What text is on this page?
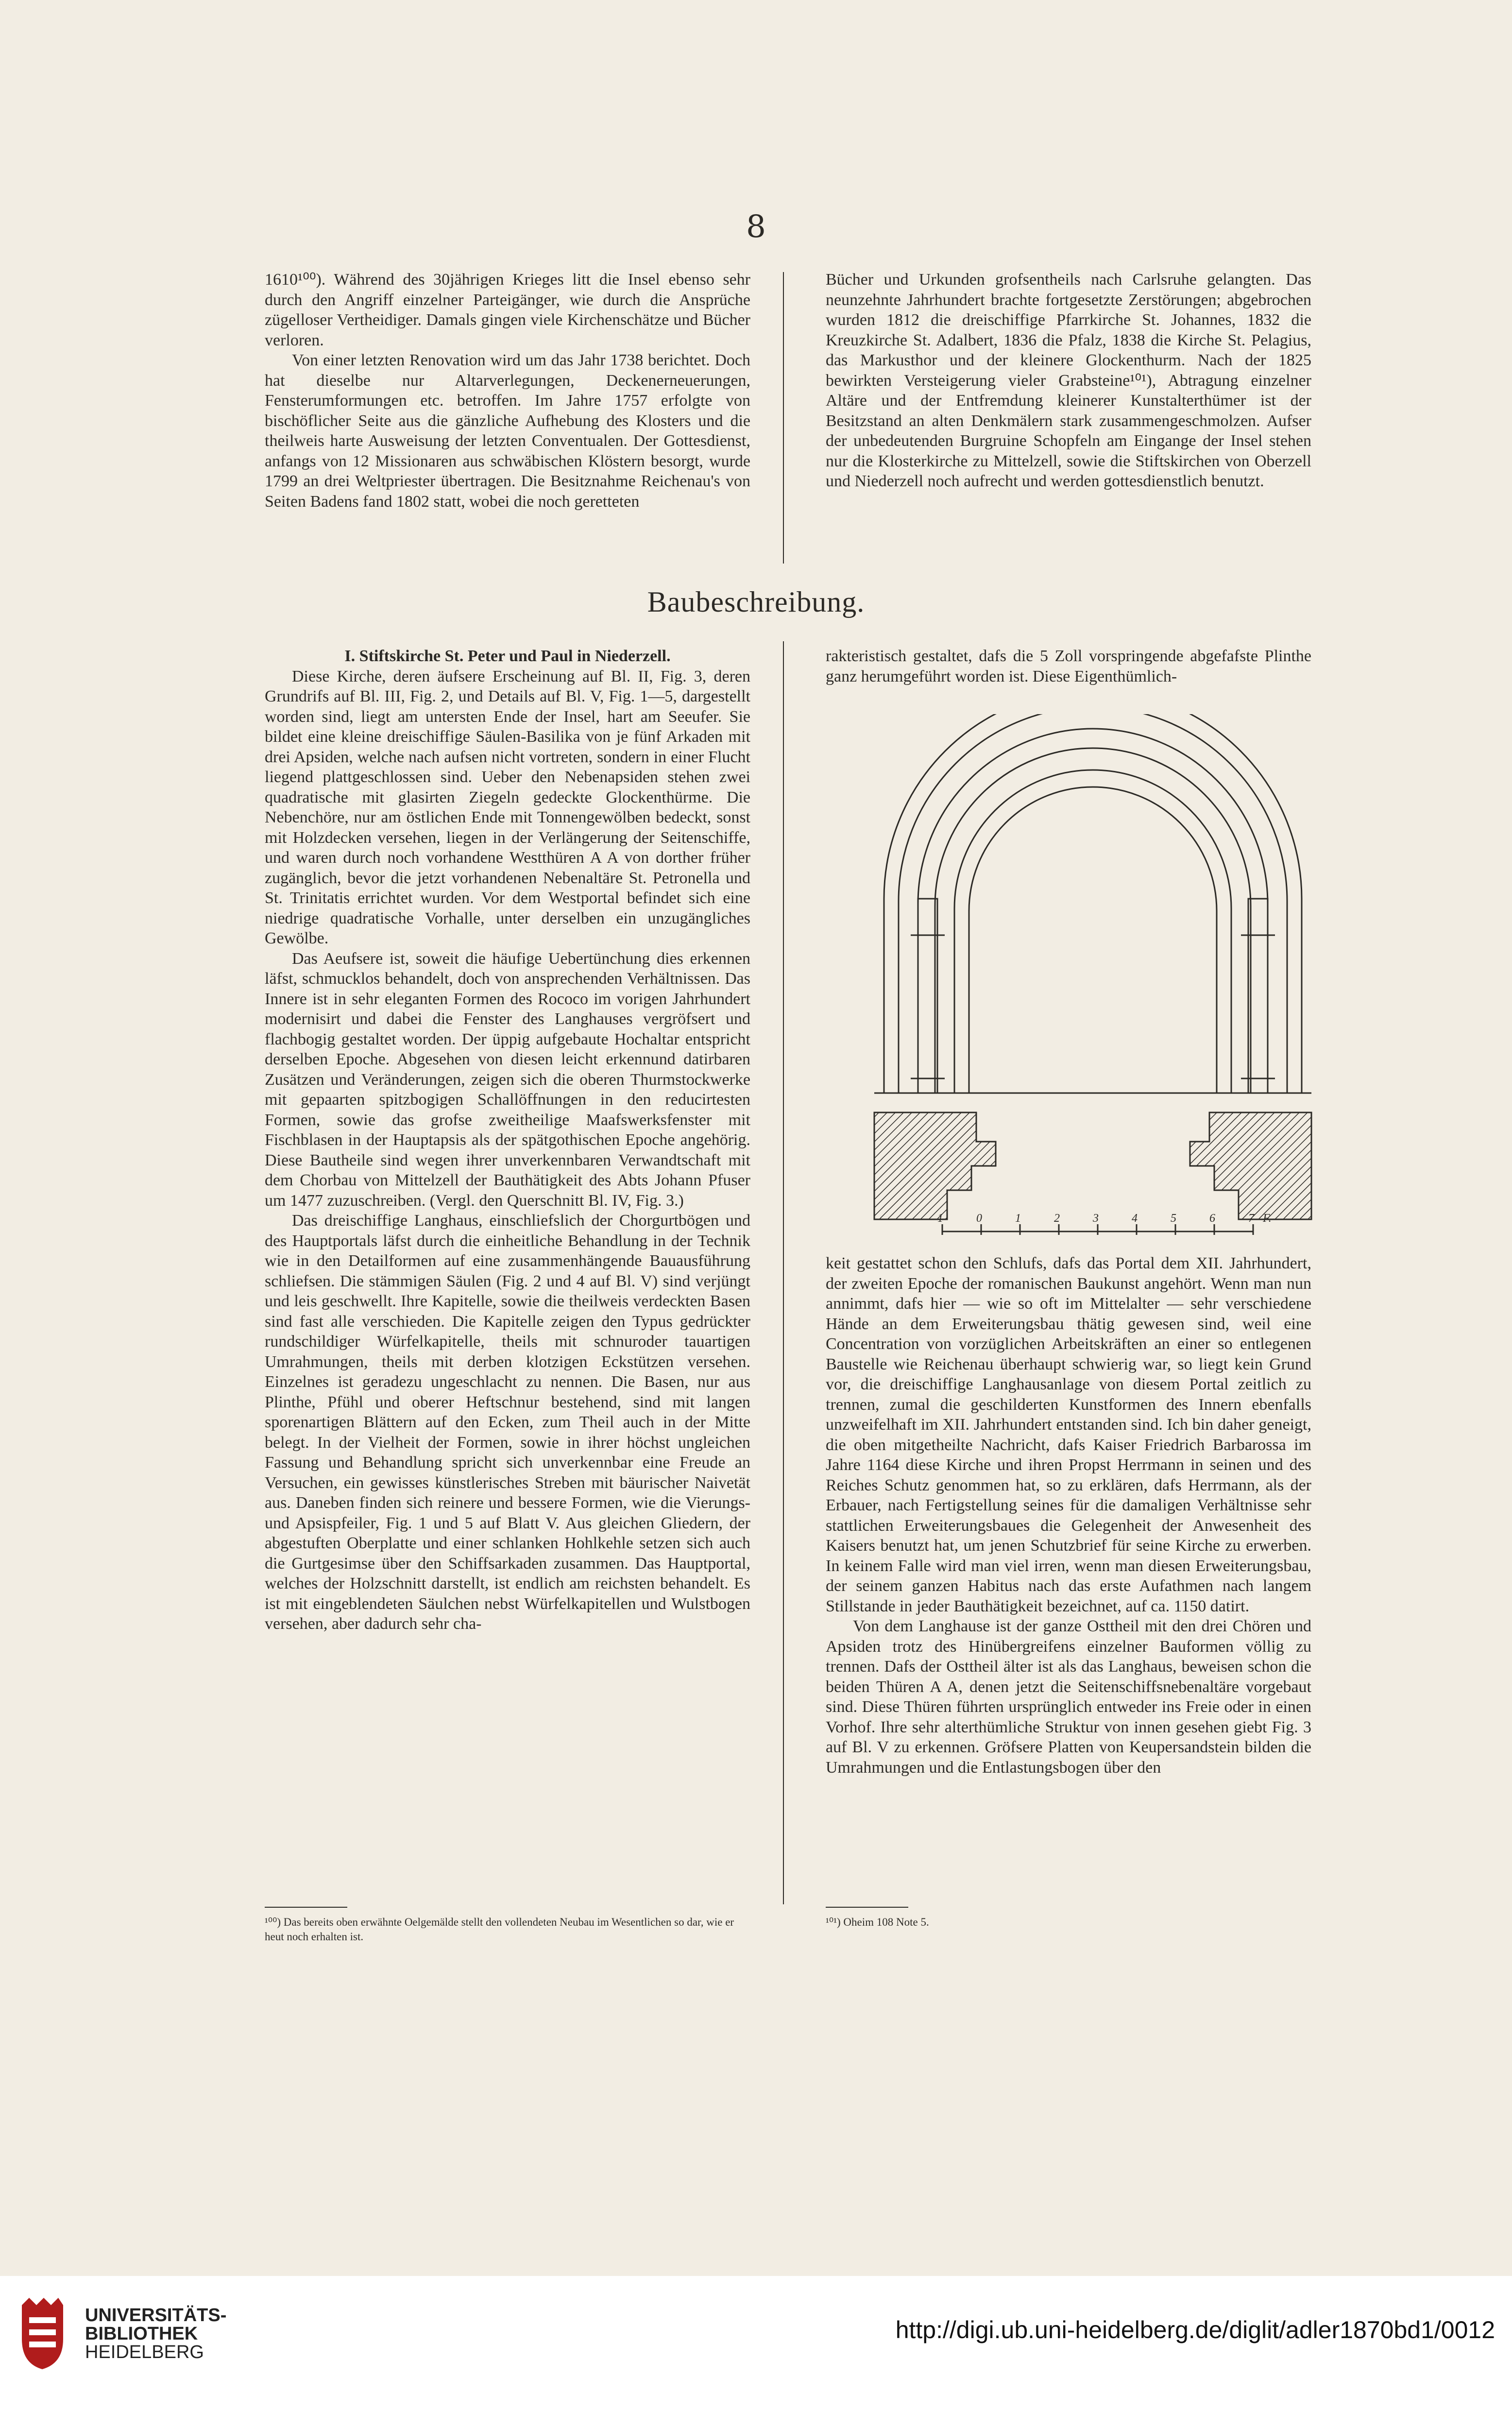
8

1610¹⁰⁰). Während des 30jährigen Krieges litt die Insel ebenso sehr durch den Angriff einzelner Parteigänger, wie durch die Ansprüche zügelloser Vertheidiger. Damals gingen viele Kirchenschätze und Bücher verloren.

Von einer letzten Renovation wird um das Jahr 1738 berichtet. Doch hat dieselbe nur Altarverlegungen, Deckenerneuerungen, Fensterumformungen etc. betroffen. Im Jahre 1757 erfolgte von bischöflicher Seite aus die gänzliche Aufhebung des Klosters und die theilweis harte Ausweisung der letzten Conventualen. Der Gottesdienst, anfangs von 12 Missionaren aus schwäbischen Klöstern besorgt, wurde 1799 an drei Weltpriester übertragen. Die Besitznahme Reichenau's von Seiten Badens fand 1802 statt, wobei die noch geretteten

Bücher und Urkunden grofsentheils nach Carlsruhe gelangten. Das neunzehnte Jahrhundert brachte fortgesetzte Zerstörungen; abgebrochen wurden 1812 die dreischiffige Pfarrkirche St. Johannes, 1832 die Kreuzkirche St. Adalbert, 1836 die Pfalz, 1838 die Kirche St. Pelagius, das Markusthor und der kleinere Glockenthurm. Nach der 1825 bewirkten Versteigerung vieler Grabsteine¹⁰¹), Abtragung einzelner Altäre und der Entfremdung kleinerer Kunstalterthümer ist der Besitzstand an alten Denkmälern stark zusammengeschmolzen. Aufser der unbedeutenden Burgruine Schopfeln am Eingange der Insel stehen nur die Klosterkirche zu Mittelzell, sowie die Stiftskirchen von Oberzell und Niederzell noch aufrecht und werden gottesdienstlich benutzt.

Baubeschreibung.

I. Stiftskirche St. Peter und Paul in Niederzell.

Diese Kirche, deren äufsere Erscheinung auf Bl. II, Fig. 3, deren Grundrifs auf Bl. III, Fig. 2, und Details auf Bl. V, Fig. 1—5, dargestellt worden sind, liegt am untersten Ende der Insel, hart am Seeufer. Sie bildet eine kleine dreischiffige Säulen-Basilika von je fünf Arkaden mit drei Apsiden, welche nach aufsen nicht vortreten, sondern in einer Flucht liegend plattgeschlossen sind. Ueber den Nebenapsiden stehen zwei quadratische mit glasirten Ziegeln gedeckte Glockenthürme. Die Nebenchöre, nur am östlichen Ende mit Tonnengewölben bedeckt, sonst mit Holzdecken versehen, liegen in der Verlängerung der Seitenschiffe, und waren durch noch vorhandene Westthüren A A von dorther früher zugänglich, bevor die jetzt vorhandenen Nebenaltäre St. Petronella und St. Trinitatis errichtet wurden. Vor dem Westportal befindet sich eine niedrige quadratische Vorhalle, unter derselben ein unzugängliches Gewölbe.

Das Aeufsere ist, soweit die häufige Uebertünchung dies erkennen läfst, schmucklos behandelt, doch von ansprechenden Verhältnissen. Das Innere ist in sehr eleganten Formen des Rococo im vorigen Jahrhundert modernisirt und dabei die Fenster des Langhauses vergröfsert und flachbogig gestaltet worden. Der üppig aufgebaute Hochaltar entspricht derselben Epoche. Abgesehen von diesen leicht erkennund datirbaren Zusätzen und Veränderungen, zeigen sich die oberen Thurmstockwerke mit gepaarten spitzbogigen Schallöffnungen in den reducirtesten Formen, sowie das grofse zweitheilige Maafswerksfenster mit Fischblasen in der Hauptapsis als der spätgothischen Epoche angehörig. Diese Bautheile sind wegen ihrer unverkennbaren Verwandtschaft mit dem Chorbau von Mittelzell der Bauthätigkeit des Abts Johann Pfuser um 1477 zuzuschreiben. (Vergl. den Querschnitt Bl. IV, Fig. 3.)

Das dreischiffige Langhaus, einschliefslich der Chorgurtbögen und des Hauptportals läfst durch die einheitliche Behandlung in der Technik wie in den Detailformen auf eine zusammenhängende Bauausführung schliefsen. Die stämmigen Säulen (Fig. 2 und 4 auf Bl. V) sind verjüngt und leis geschwellt. Ihre Kapitelle, sowie die theilweis verdeckten Basen sind fast alle verschieden. Die Kapitelle zeigen den Typus gedrückter rundschildiger Würfelkapitelle, theils mit schnuroder tauartigen Umrahmungen, theils mit derben klotzigen Eckstützen versehen. Einzelnes ist geradezu ungeschlacht zu nennen. Die Basen, nur aus Plinthe, Pfühl und oberer Heftschnur bestehend, sind mit langen sporenartigen Blättern auf den Ecken, zum Theil auch in der Mitte belegt. In der Vielheit der Formen, sowie in ihrer höchst ungleichen Fassung und Behandlung spricht sich unverkennbar eine Freude an Versuchen, ein gewisses künstlerisches Streben mit bäurischer Naivetät aus. Daneben finden sich reinere und bessere Formen, wie die Vierungs- und Apsispfeiler, Fig. 1 und 5 auf Blatt V. Aus gleichen Gliedern, der abgestuften Oberplatte und einer schlanken Hohlkehle setzen sich auch die Gurtgesimse über den Schiffsarkaden zusammen. Das Hauptportal, welches der Holzschnitt darstellt, ist endlich am reichsten behandelt. Es ist mit eingeblendeten Säulchen nebst Würfelkapitellen und Wulstbogen versehen, aber dadurch sehr cha-

rakteristisch gestaltet, dafs die 5 Zoll vorspringende abgefafste Plinthe ganz herumgeführt worden ist. Diese Eigenthümlich-

1	0	1	2	3	4	5	6	7 F.

keit gestattet schon den Schlufs, dafs das Portal dem XII. Jahrhundert, der zweiten Epoche der romanischen Baukunst angehört. Wenn man nun annimmt, dafs hier — wie so oft im Mittelalter — sehr verschiedene Hände an dem Erweiterungsbau thätig gewesen sind, weil eine Concentration von vorzüglichen Arbeitskräften an einer so entlegenen Baustelle wie Reichenau überhaupt schwierig war, so liegt kein Grund vor, die dreischiffige Langhausanlage von diesem Portal zeitlich zu trennen, zumal die geschilderten Kunstformen des Innern ebenfalls unzweifelhaft im XII. Jahrhundert entstanden sind. Ich bin daher geneigt, die oben mitgetheilte Nachricht, dafs Kaiser Friedrich Barbarossa im Jahre 1164 diese Kirche und ihren Propst Herrmann in seinen und des Reiches Schutz genommen hat, so zu erklären, dafs Herrmann, als der Erbauer, nach Fertigstellung seines für die damaligen Verhältnisse sehr stattlichen Erweiterungsbaues die Gelegenheit der Anwesenheit des Kaisers benutzt hat, um jenen Schutzbrief für seine Kirche zu erwerben. In keinem Falle wird man viel irren, wenn man diesen Erweiterungsbau, der seinem ganzen Habitus nach das erste Aufathmen nach langem Stillstande in jeder Bauthätigkeit bezeichnet, auf ca. 1150 datirt.

Von dem Langhause ist der ganze Osttheil mit den drei Chören und Apsiden trotz des Hinübergreifens einzelner Bauformen völlig zu trennen. Dafs der Osttheil älter ist als das Langhaus, beweisen schon die beiden Thüren A A, denen jetzt die Seitenschiffsnebenaltäre vorgebaut sind. Diese Thüren führten ursprünglich entweder ins Freie oder in einen Vorhof. Ihre sehr alterthümliche Struktur von innen gesehen giebt Fig. 3 auf Bl. V zu erkennen. Gröfsere Platten von Keupersandstein bilden die Umrahmungen und die Entlastungsbogen über den

¹⁰⁰) Das bereits oben erwähnte Oelgemälde stellt den vollendeten Neubau im Wesentlichen so dar, wie er heut noch erhalten ist.
¹⁰¹) Oheim 108 Note 5.
UNIVERSITÄTS-
BIBLIOTHEK
HEIDELBERG
http://digi.ub.uni-heidelberg.de/diglit/adler1870bd1/0012
